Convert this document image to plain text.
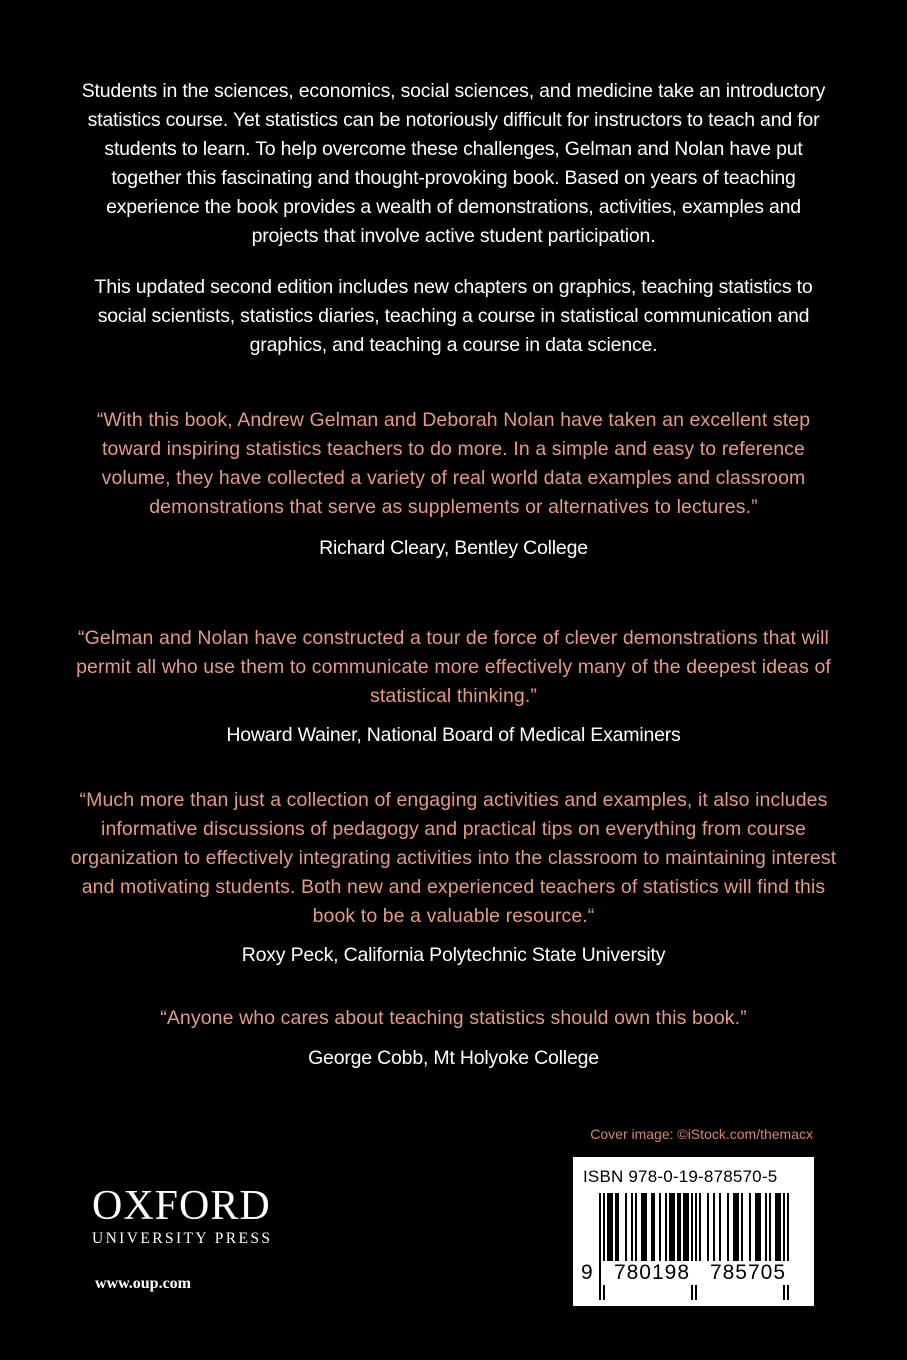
Students in the sciences, economics, social sciences, and medicine take an introductory statistics course. Yet statistics can be notoriously difficult for instructors to teach and for students to learn. To help overcome these challenges, Gelman and Nolan have put together this fascinating and thought-provoking book. Based on years of teaching experience the book provides a wealth of demonstrations, activities, examples and projects that involve active student participation.
This updated second edition includes new chapters on graphics, teaching statistics to social scientists, statistics diaries, teaching a course in statistical communication and graphics, and teaching a course in data science.

“With this book, Andrew Gelman and Deborah Nolan have taken an excellent step toward inspiring statistics teachers to do more. In a simple and easy to reference volume, they have collected a variety of real world data examples and classroom demonstrations that serve as supplements or alternatives to lectures.”

Richard Cleary, Bentley College

“Gelman and Nolan have constructed a tour de force of clever demonstrations that will permit all who use them to communicate more effectively many of the deepest ideas of statistical thinking.”

Howard Wainer, National Board of Medical Examiners

“Much more than just a collection of engaging activities and examples, it also includes informative discussions of pedagogy and practical tips on everything from course organization to effectively integrating activities into the classroom to maintaining interest and motivating students. Both new and experienced teachers of statistics will find this book to be a valuable resource.“

Roxy Peck, California Polytechnic State University

“Anyone who cares about teaching statistics should own this book.”

George Cobb, Mt Holyoke College

Cover image: ©iStock.com/themacx
OXFORD
UNIVERSITY PRESS
www.oup.com
ISBN 978-0-19-878570-5
9	780198 785705
